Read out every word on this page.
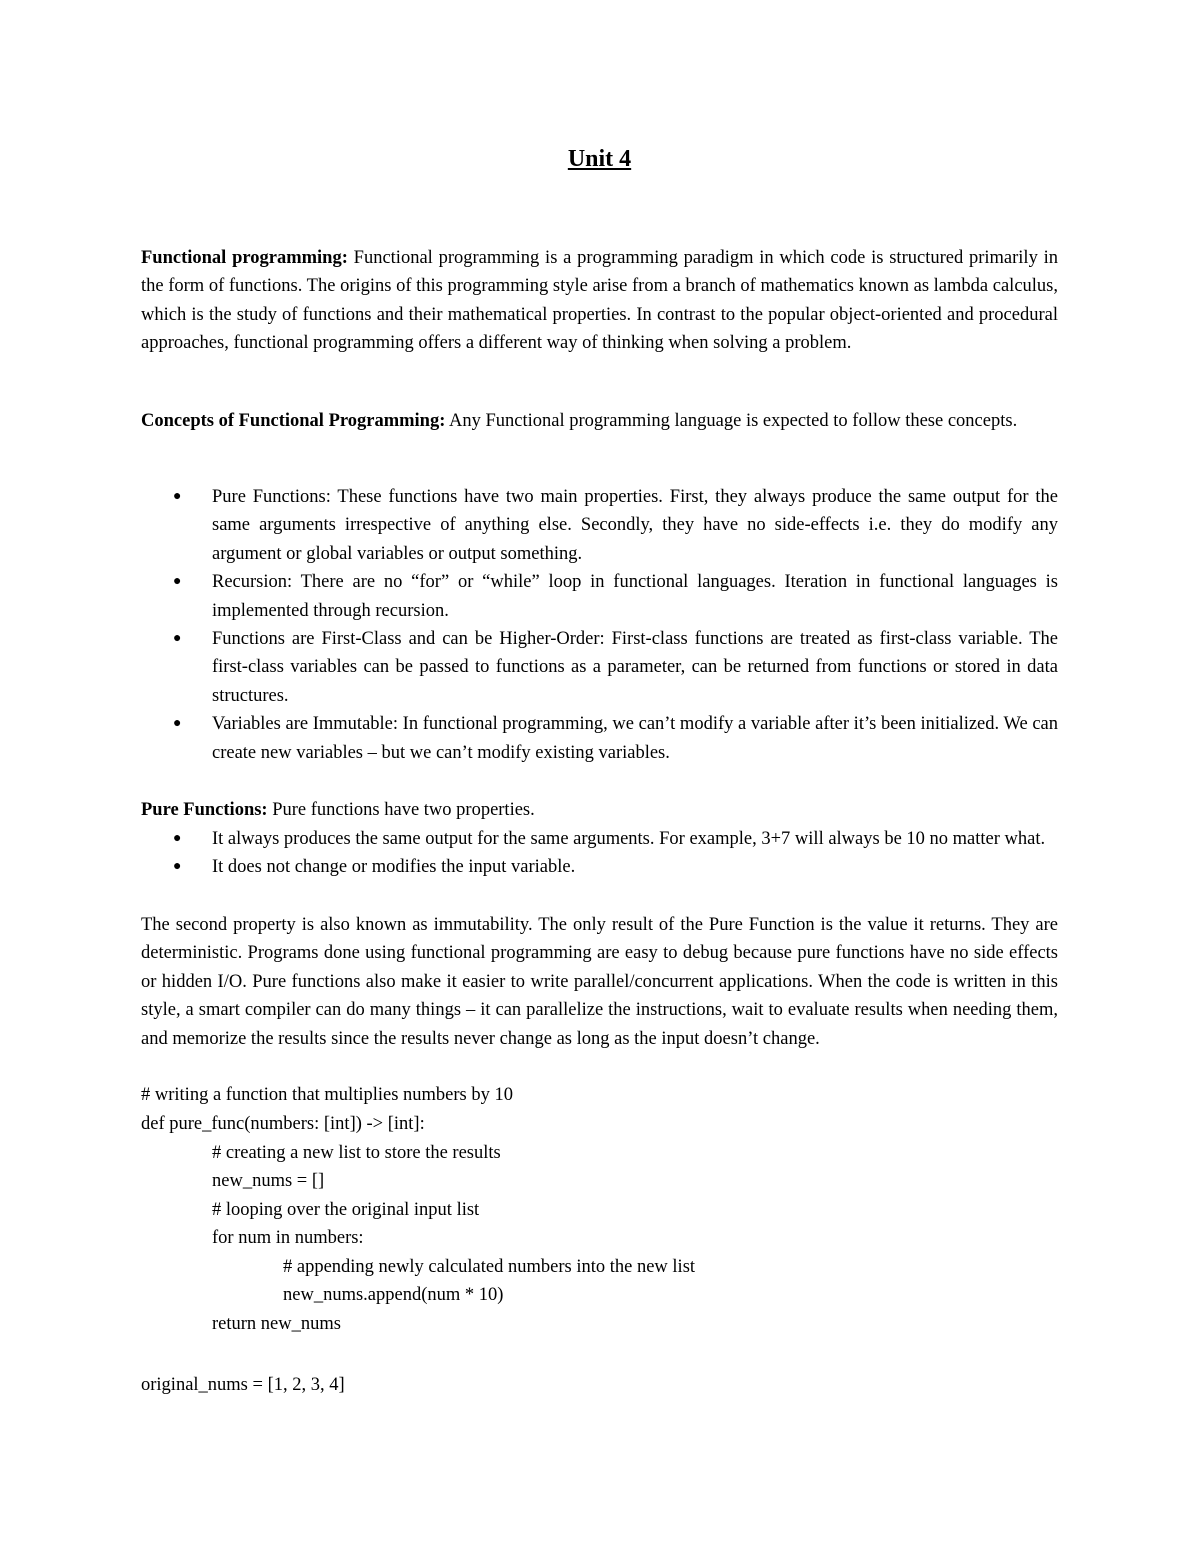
Unit 4
Functional programming: Functional programming is a programming paradigm in which code is structured primarily in the form of functions. The origins of this programming style arise from a branch of mathematics known as lambda calculus, which is the study of functions and their mathematical properties. In contrast to the popular object-oriented and procedural approaches, functional programming offers a different way of thinking when solving a problem.
Concepts of Functional Programming: Any Functional programming language is expected to follow these concepts.
● Pure Functions: These functions have two main properties. First, they always produce the same output for the same arguments irrespective of anything else. Secondly, they have no side-effects i.e. they do modify any argument or global variables or output something.
● Recursion: There are no “for” or “while” loop in functional languages. Iteration in functional languages is implemented through recursion.
● Functions are First-Class and can be Higher-Order: First-class functions are treated as first-class variable. The first-class variables can be passed to functions as a parameter, can be returned from functions or stored in data structures.
● Variables are Immutable: In functional programming, we can’t modify a variable after it’s been initialized. We can create new variables – but we can’t modify existing variables.
Pure Functions: Pure functions have two properties.
● It always produces the same output for the same arguments. For example, 3+7 will always be 10 no matter what.
● It does not change or modifies the input variable.
The second property is also known as immutability. The only result of the Pure Function is the value it returns. They are deterministic. Programs done using functional programming are easy to debug because pure functions have no side effects or hidden I/O. Pure functions also make it easier to write parallel/concurrent applications. When the code is written in this style, a smart compiler can do many things – it can parallelize the instructions, wait to evaluate results when needing them, and memorize the results since the results never change as long as the input doesn’t change.
# writing a function that multiplies numbers by 10
def pure_func(numbers: [int]) -> [int]:
# creating a new list to store the results
new_nums = []
# looping over the original input list
for num in numbers:
# appending newly calculated numbers into the new list
new_nums.append(num * 10)
return new_nums
original_nums = [1, 2, 3, 4]
